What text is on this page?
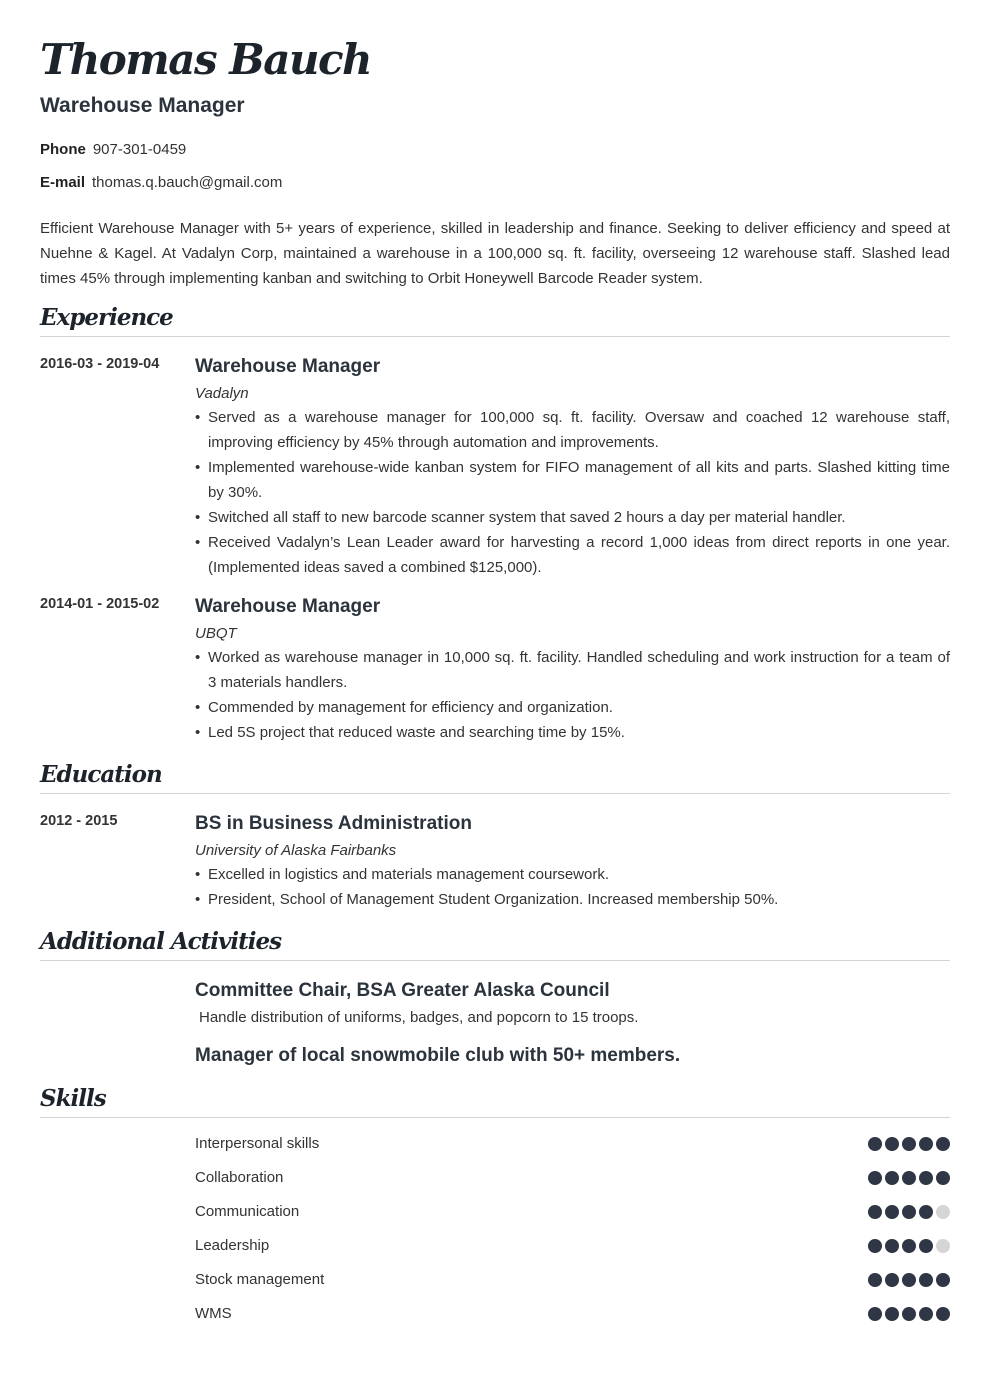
Thomas Bauch
Warehouse Manager
Phone 907-301-0459
E-mail thomas.q.bauch@gmail.com
Efficient Warehouse Manager with 5+ years of experience, skilled in leadership and finance. Seeking to deliver efficiency and speed at Nuehne & Kagel. At Vadalyn Corp, maintained a warehouse in a 100,000 sq. ft. facility, overseeing 12 warehouse staff. Slashed lead times 45% through implementing kanban and switching to Orbit Honeywell Barcode Reader system.
Experience
2016-03 - 2019-04 Warehouse Manager
Vadalyn
• Served as a warehouse manager for 100,000 sq. ft. facility. Oversaw and coached 12 warehouse staff, improving efficiency by 45% through automation and improvements.
• Implemented warehouse-wide kanban system for FIFO management of all kits and parts. Slashed kitting time by 30%.
• Switched all staff to new barcode scanner system that saved 2 hours a day per material handler.
• Received Vadalyn’s Lean Leader award for harvesting a record 1,000 ideas from direct reports in one year. (Implemented ideas saved a combined $125,000).
2014-01 - 2015-02 Warehouse Manager
UBQT
• Worked as warehouse manager in 10,000 sq. ft. facility. Handled scheduling and work instruction for a team of 3 materials handlers.
• Commended by management for efficiency and organization.
• Led 5S project that reduced waste and searching time by 15%.
Education
2012 - 2015	BS in Business Administration
University of Alaska Fairbanks
• Excelled in logistics and materials management coursework.
• President, School of Management Student Organization. Increased membership 50%.
Additional Activities
Committee Chair, BSA Greater Alaska Council
Handle distribution of uniforms, badges, and popcorn to 15 troops.
Manager of local snowmobile club with 50+ members.
Skills
Interpersonal skills
Collaboration
Communication
Leadership
Stock management
WMS
